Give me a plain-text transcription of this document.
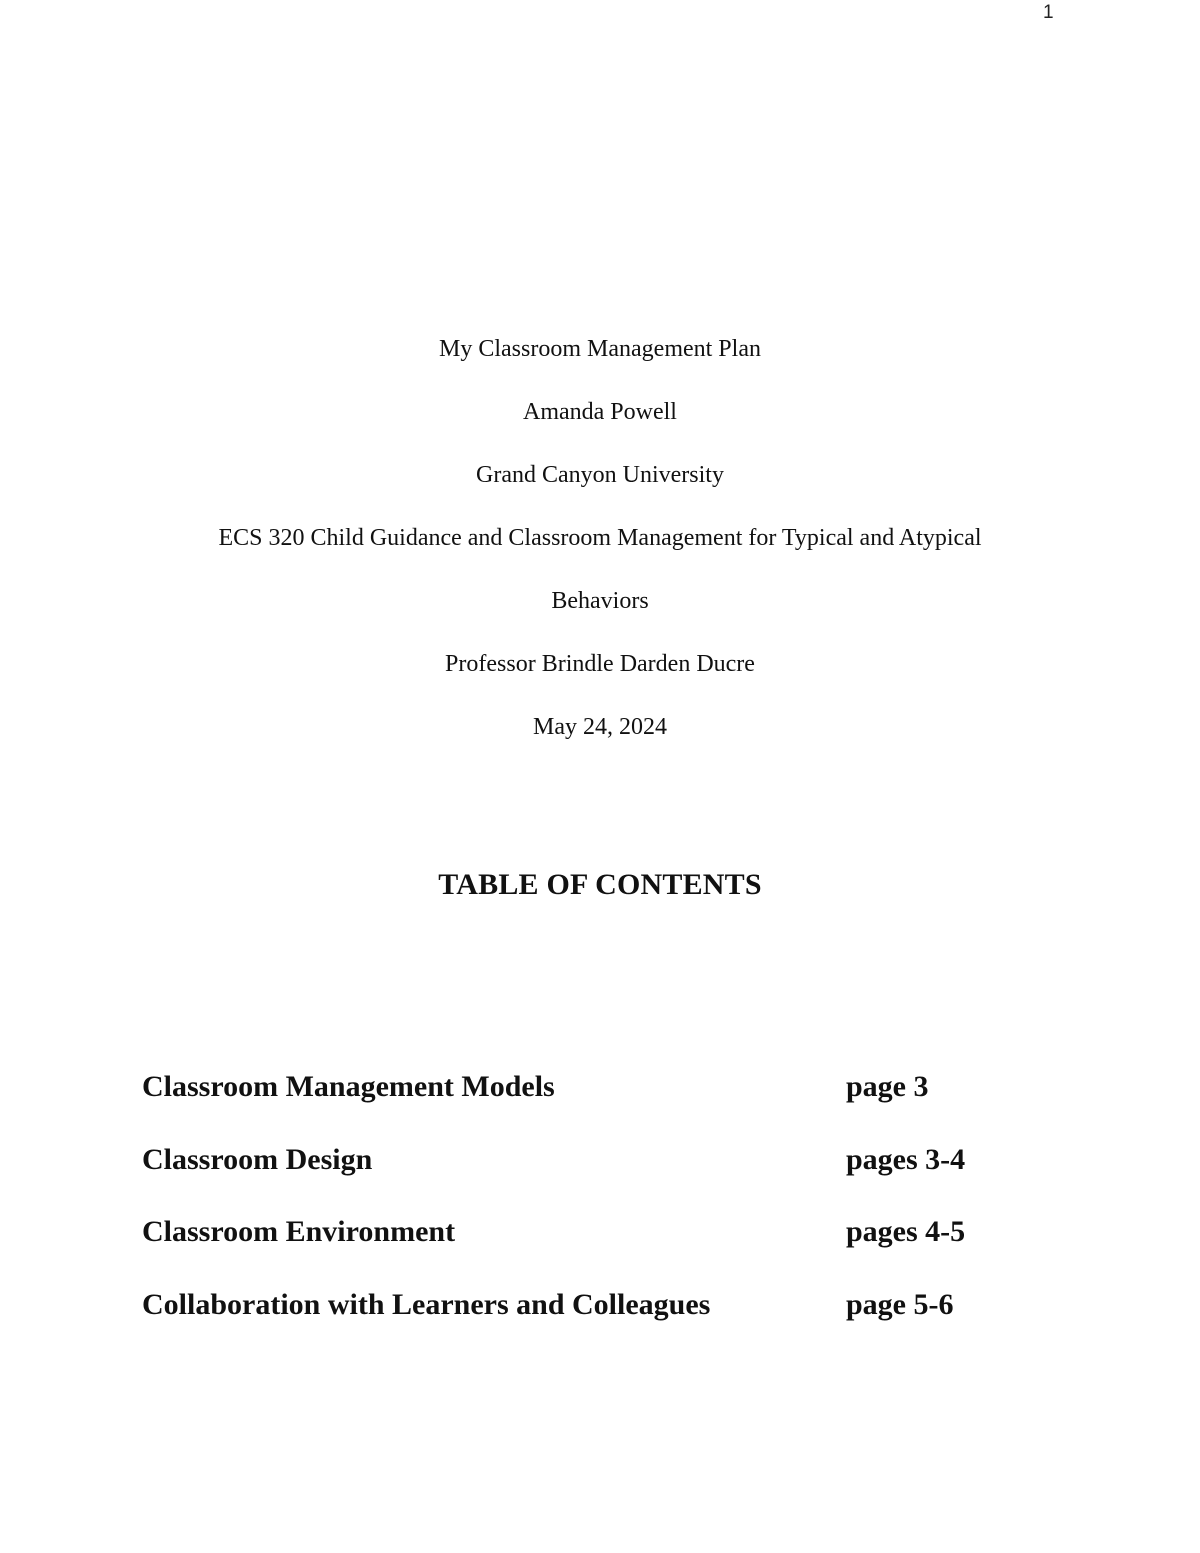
1
My Classroom Management Plan
Amanda Powell
Grand Canyon University
ECS 320 Child Guidance and Classroom Management for Typical and Atypical
Behaviors
Professor Brindle Darden Ducre
May 24, 2024
TABLE OF CONTENTS
Classroom Management Models	page 3
Classroom Design	pages 3-4
Classroom Environment	pages 4-5
Collaboration with Learners and Colleagues	page 5-6
